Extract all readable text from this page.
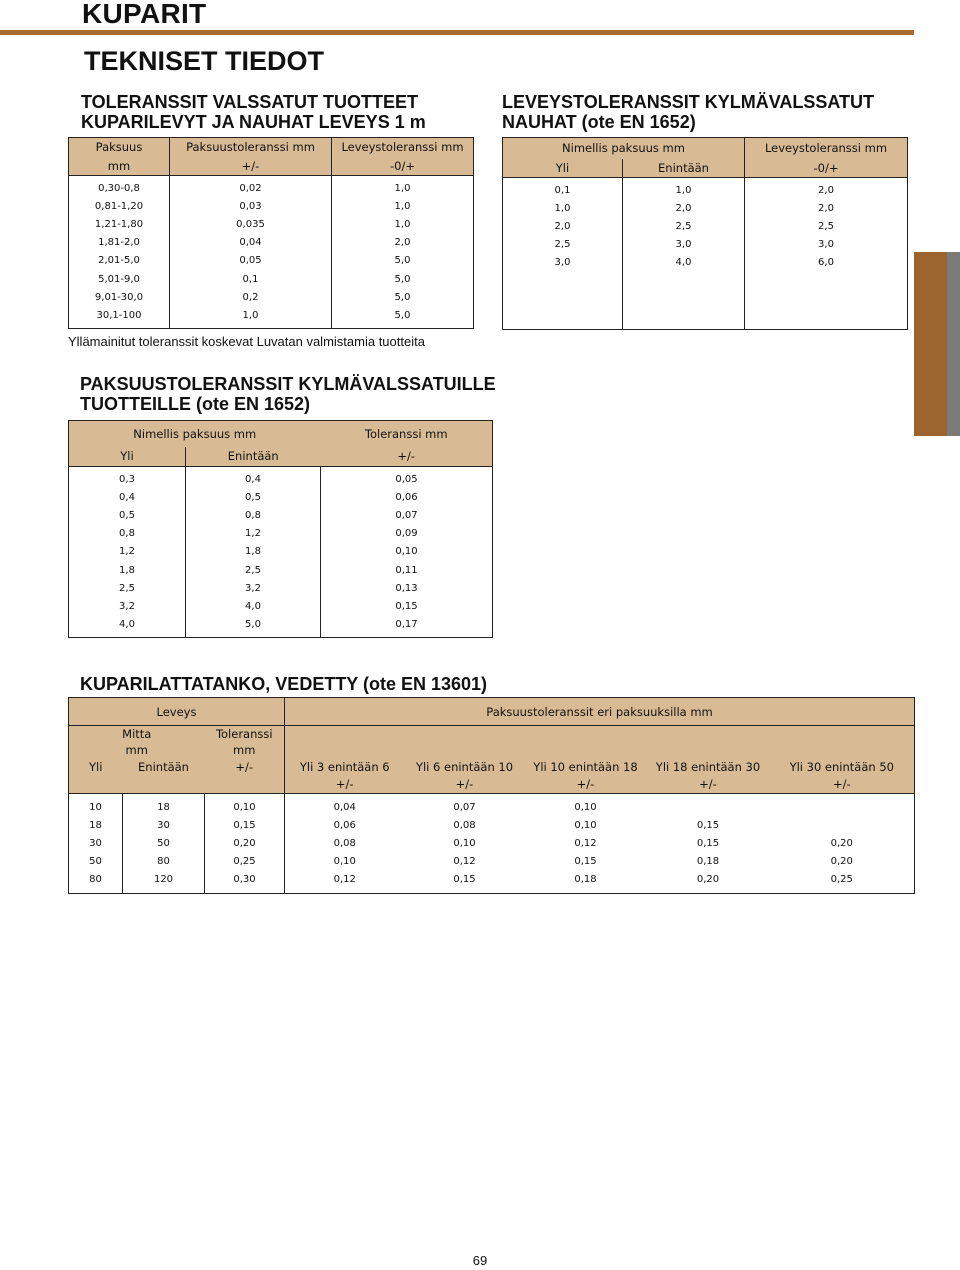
KUPARIT
TEKNISET TIEDOT
TOLERANSSIT VALSSATUT TUOTTEET
KUPARILEVYT JA NAUHAT LEVEYS 1 m
Paksuus	Paksuustoleranssi mm	Leveystoleranssi mm
mm	+/-	-0/+
0,30-0,8	0,02	1,0
0,81-1,20	0,03	1,0
1,21-1,80	0,035	1,0
1,81-2,0	0,04	2,0
2,01-5,0	0,05	5,0
5,01-9,0	0,1	5,0
9,01-30,0	0,2	5,0
30,1-100	1,0	5,0
Yllämainitut toleranssit koskevat Luvatan valmistamia tuotteita
LEVEYSTOLERANSSIT KYLMÄVALSSATUT
NAUHAT (ote EN 1652)
Nimellis paksuus mm		Leveystoleranssi mm
Yli	Enintään	-0/+
0,1	1,0	2,0
1,0	2,0	2,0
2,0	2,5	2,5
2,5	3,0	3,0
3,0	4,0	6,0

PAKSUUSTOLERANSSIT KYLMÄVALSSATUILLE
TUOTTEILLE (ote EN 1652)
Nimellis paksuus mm		Toleranssi mm
Yli	Enintään	+/-
0,3	0,4	0,05
0,4	0,5	0,06
0,5	0,8	0,07
0,8	1,2	0,09
1,2	1,8	0,10
1,8	2,5	0,11
2,5	3,2	0,13
3,2	4,0	0,15
4,0	5,0	0,17
KUPARILATTATANKO, VEDETTY (ote EN 13601)
Leveys			Paksuustoleranssit eri paksuuksilla mm				
Mitta		Toleranssi					
mm		mm					
Yli	Enintään	+/-	Yli 3 enintään 6	Yli 6 enintään 10	Yli 10 enintään 18	Yli 18 enintään 30	Yli 30 enintään 50
			+/-	+/-	+/-	+/-	+/-
10	18	0,10	0,04	0,07	0,10		
18	30	0,15	0,06	0,08	0,10	0,15	
30	50	0,20	0,08	0,10	0,12	0,15	0,20
50	80	0,25	0,10	0,12	0,15	0,18	0,20
80	120	0,30	0,12	0,15	0,18	0,20	0,25
69
